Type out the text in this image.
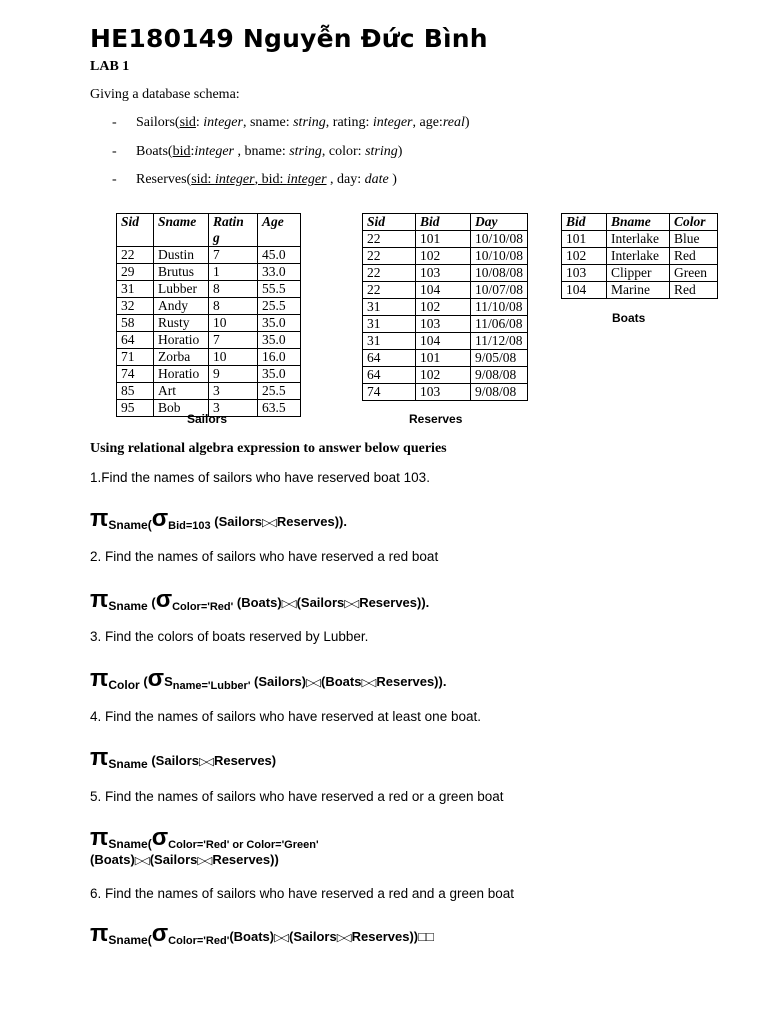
HE180149 Nguyễn Đức Bình
LAB 1
Giving a database schema:
- Sailors(sid: integer, sname: string, rating: integer, age:real)
- Boats(bid:integer , bname: string, color: string)
- Reserves(sid: integer, bid: integer , day: date )
Sid	Sname	Ratin g	Age
22	Dustin	7	45.0
29	Brutus	1	33.0
31	Lubber	8	55.5
32	Andy	8	25.5
58	Rusty	10	35.0
64	Horatio	7	35.0
71	Zorba	10	16.0
74	Horatio	9	35.0
85	Art	3	25.5
95	Bob	3	63.5
Sailors
Sid	Bid	Day
22	101	10/10/08
22	102	10/10/08
22	103	10/08/08
22	104	10/07/08
31	102	11/10/08
31	103	11/06/08
31	104	11/12/08
64	101	9/05/08
64	102	9/08/08
74	103	9/08/08
Reserves
Bid	Bname	Color
101	Interlake	Blue
102	Interlake	Red
103	Clipper	Green
104	Marine	Red
Boats
Using relational algebra expression to answer below queries
1.Find the names of sailors who have reserved boat 103.
$\pi Sname(\sigma_{Bid=103}$ (Sailors▷◁ Reserves)).
2. Find the names of sailors who have reserved a red boat
πSname ($\sigma_{Color='Red'}$ (Boats)▷◁ (Sailors▷◁ Reserves)).
3. Find the colors of boats reserved by Lubber.
πColor ($\sigma S_{name='Lubber'}$ (Sailors)▷◁ (Boats▷◁ Reserves)).
4. Find the names of sailors who have reserved at least one boat.
πSname (Sailors▷◁ Reserves)
5. Find the names of sailors who have reserved a red or a green boat
$\pi Sname(\sigma_{Color='Red' or Color='Green'}$
(Boats)▷◁ (Sailors▷◁ Reserves))
6. Find the names of sailors who have reserved a red and a green boat
$\pi Sname(\sigma_{Color='Red'}(Boats)▷◁$ (Sailors▷◁ Reserves))□□
